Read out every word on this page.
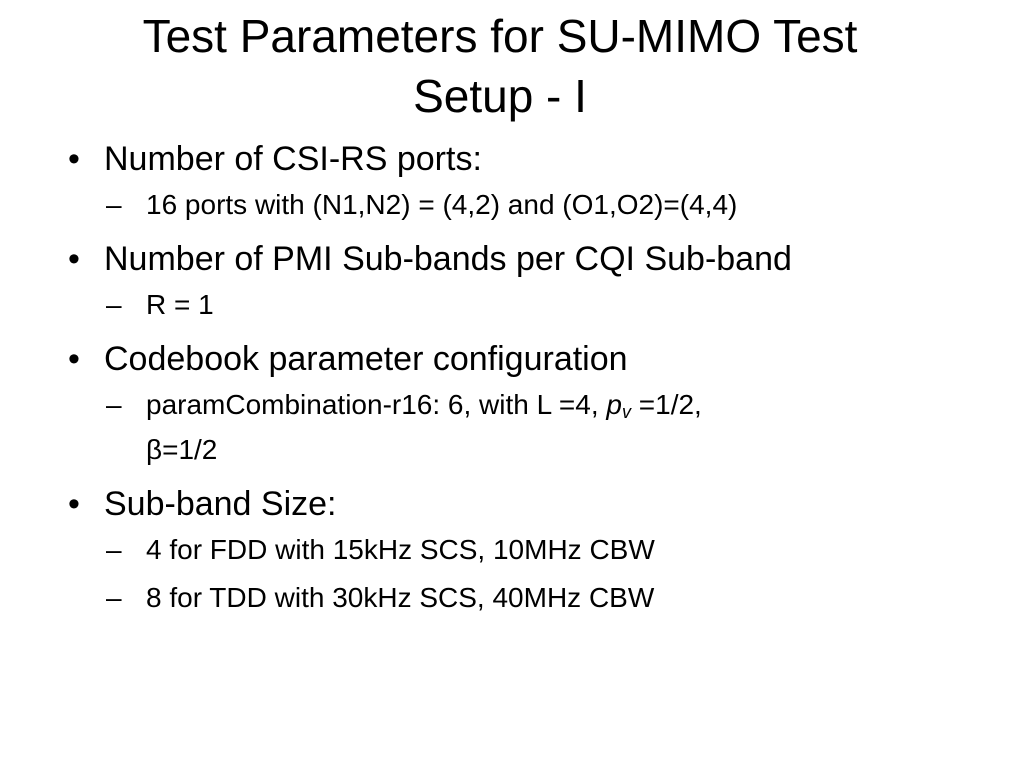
Test Parameters for SU-MIMO Test
Setup - I
• Number of CSI-RS ports:
– 16 ports with (N1,N2) = (4,2) and (O1,O2)=(4,4)
• Number of PMI Sub-bands per CQI Sub-band
– R = 1
• Codebook parameter configuration
– paramCombination-r16: 6, with L =4, $p_v =1/2$,
β=1/2
• Sub-band Size:
– 4 for FDD with 15kHz SCS, 10MHz CBW
– 8 for TDD with 30kHz SCS, 40MHz CBW
